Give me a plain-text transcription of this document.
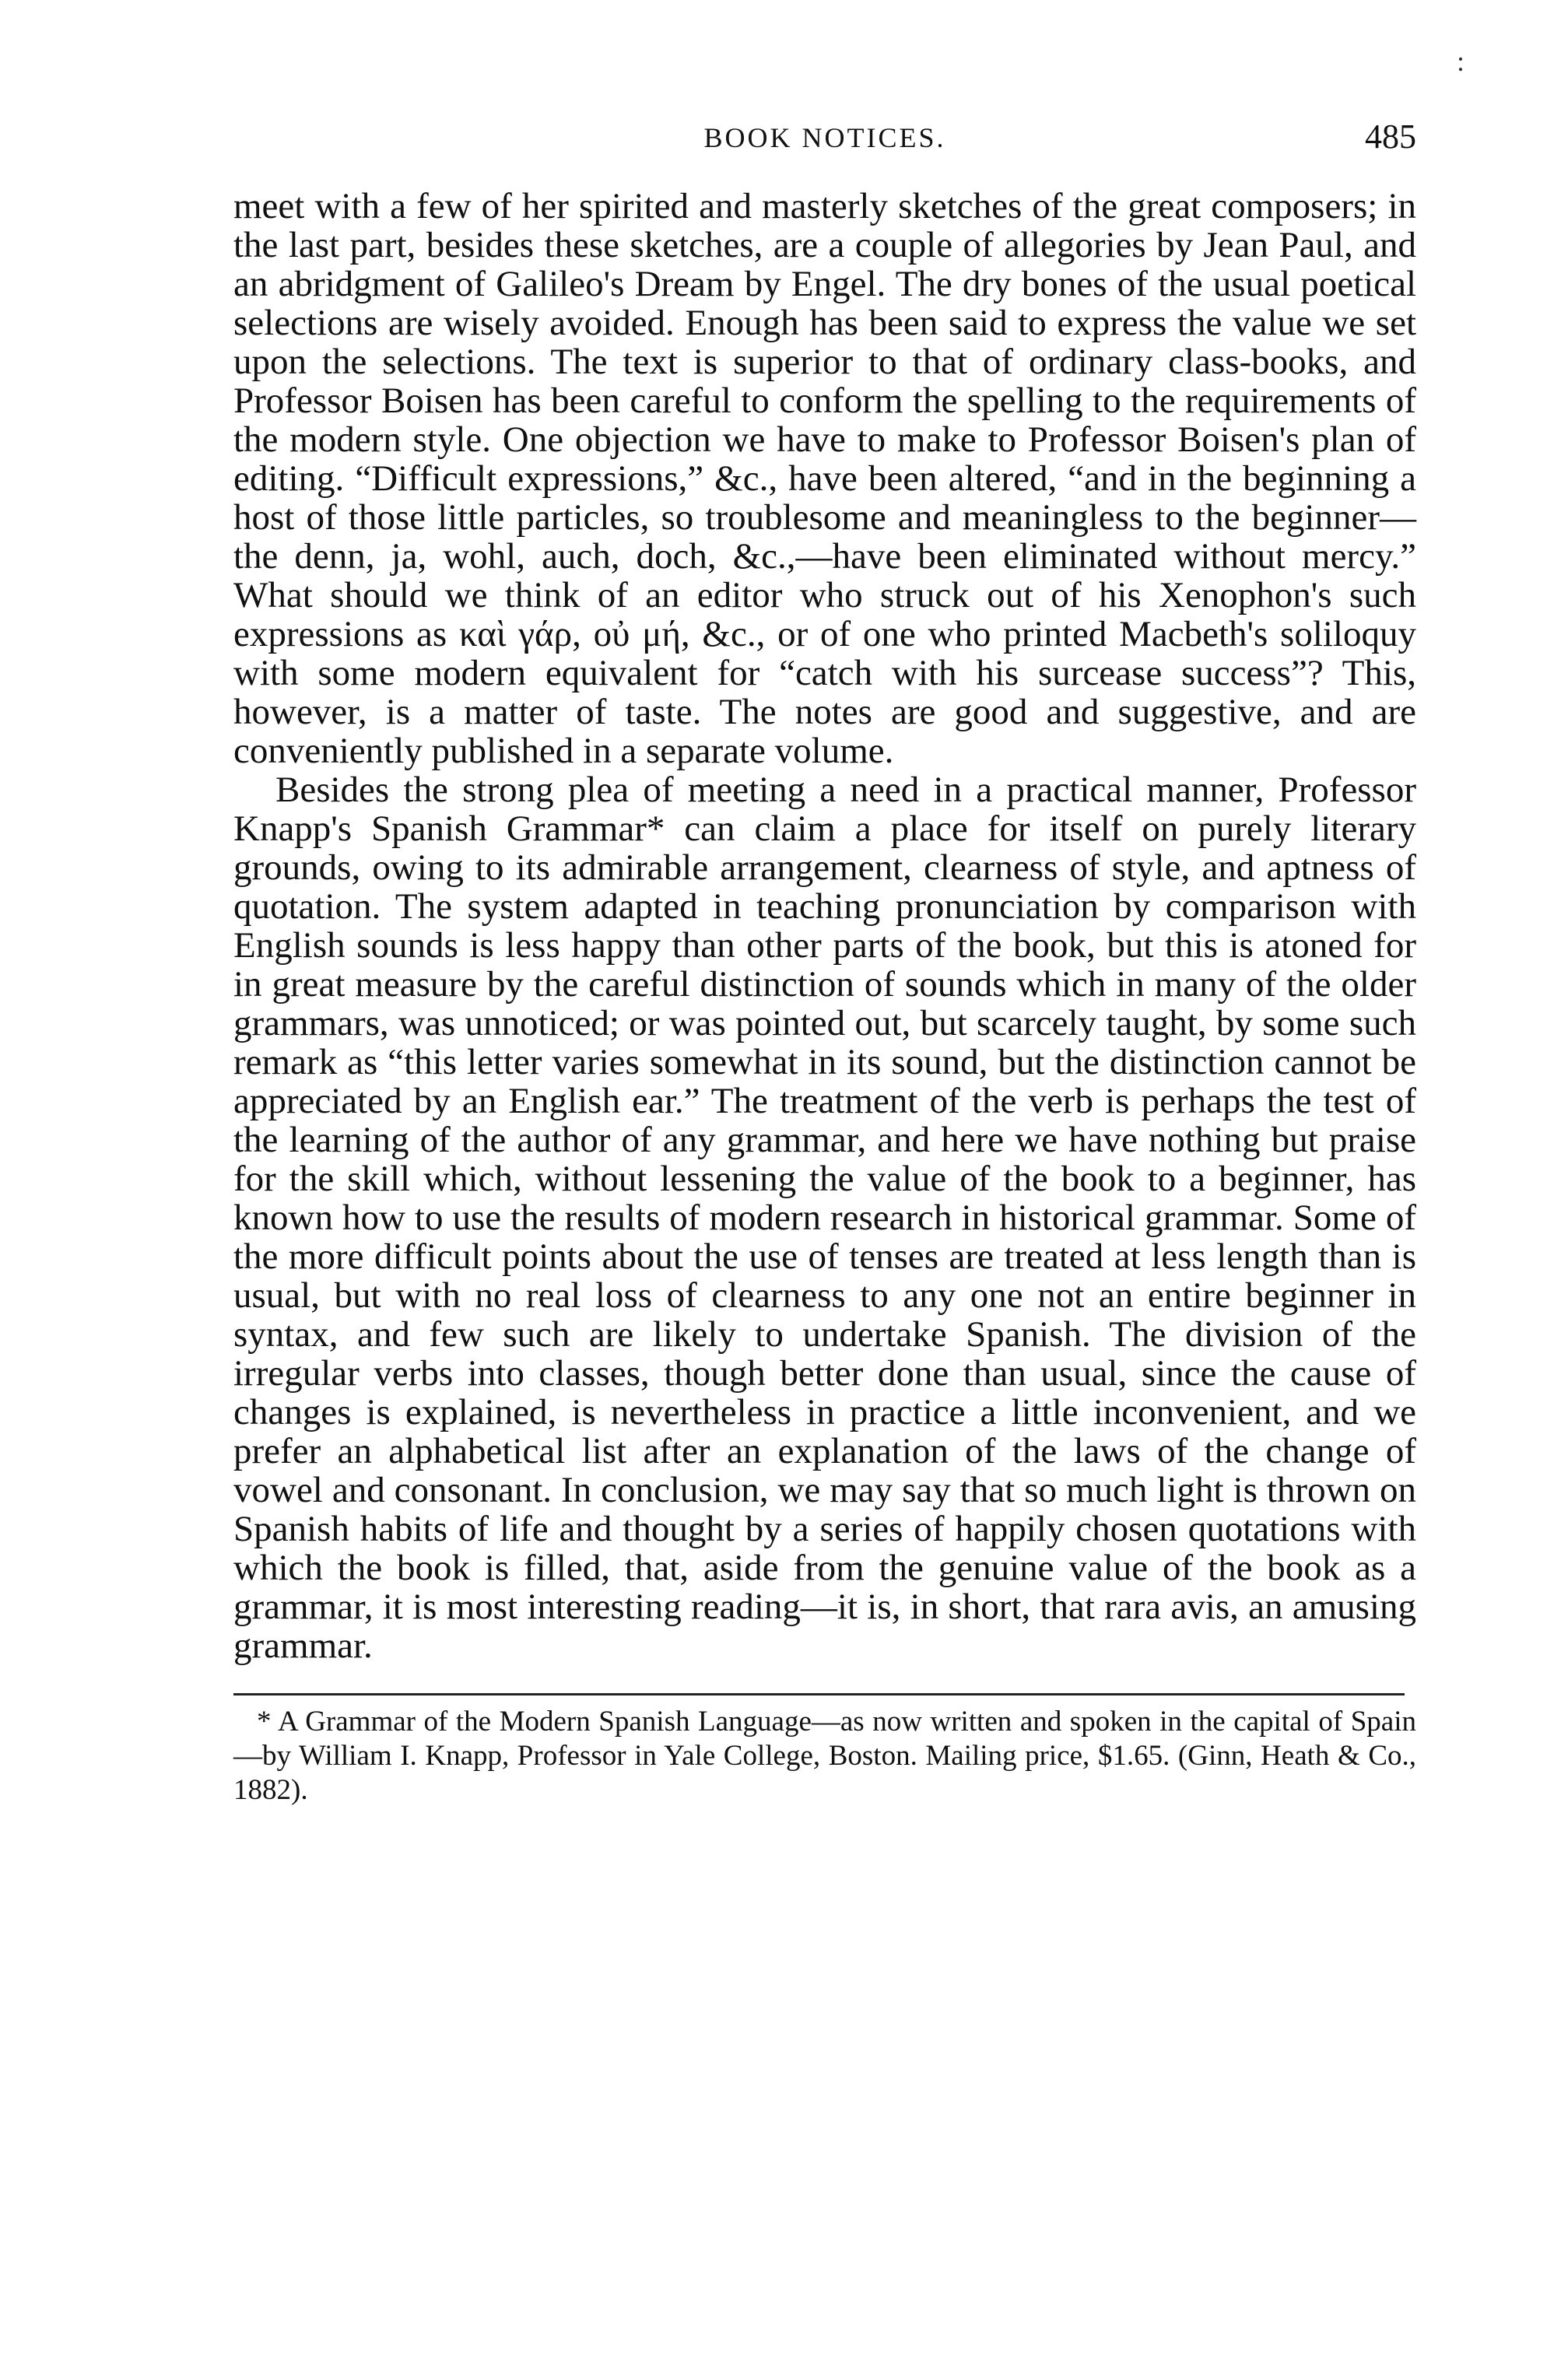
:
BOOK NOTICES.	485

meet with a few of her spirited and masterly sketches of the great composers; in the last part, besides these sketches, are a couple of allegories by Jean Paul, and an abridgment of Galileo's Dream by Engel. The dry bones of the usual poetical selections are wisely avoided. Enough has been said to express the value we set upon the selections. The text is superior to that of ordinary class-books, and Professor Boisen has been careful to conform the spelling to the requirements of the modern style. One objection we have to make to Professor Boisen's plan of editing. “Difficult expressions,” &c., have been altered, “and in the beginning a host of those little particles, so troublesome and meaningless to the beginner—the denn, ja, wohl, auch, doch, &c.,—have been eliminated without mercy.” What should we think of an editor who struck out of his Xenophon's such expressions as καὶ γάρ, οὐ μή, &c., or of one who printed Macbeth's soliloquy with some modern equivalent for “catch with his surcease success”? This, however, is a matter of taste. The notes are good and suggestive, and are conveniently published in a separate volume.

Besides the strong plea of meeting a need in a practical manner, Professor Knapp's Spanish Grammar* can claim a place for itself on purely literary grounds, owing to its admirable arrangement, clearness of style, and aptness of quotation. The system adapted in teaching pronunciation by comparison with English sounds is less happy than other parts of the book, but this is atoned for in great measure by the careful distinction of sounds which in many of the older grammars, was unnoticed; or was pointed out, but scarcely taught, by some such remark as “this letter varies somewhat in its sound, but the distinction cannot be appreciated by an English ear.” The treatment of the verb is perhaps the test of the learning of the author of any grammar, and here we have nothing but praise for the skill which, without lessening the value of the book to a beginner, has known how to use the results of modern research in historical grammar. Some of the more difficult points about the use of tenses are treated at less length than is usual, but with no real loss of clearness to any one not an entire beginner in syntax, and few such are likely to undertake Spanish. The division of the irregular verbs into classes, though better done than usual, since the cause of changes is explained, is nevertheless in practice a little inconvenient, and we prefer an alphabetical list after an explanation of the laws of the change of vowel and consonant. In conclusion, we may say that so much light is thrown on Spanish habits of life and thought by a series of happily chosen quotations with which the book is filled, that, aside from the genuine value of the book as a grammar, it is most interesting reading—it is, in short, that rara avis, an amusing grammar.

* A Grammar of the Modern Spanish Language—as now written and spoken in the capital of Spain—by William I. Knapp, Professor in Yale College, Boston. Mailing price, $1.65. (Ginn, Heath & Co., 1882).
